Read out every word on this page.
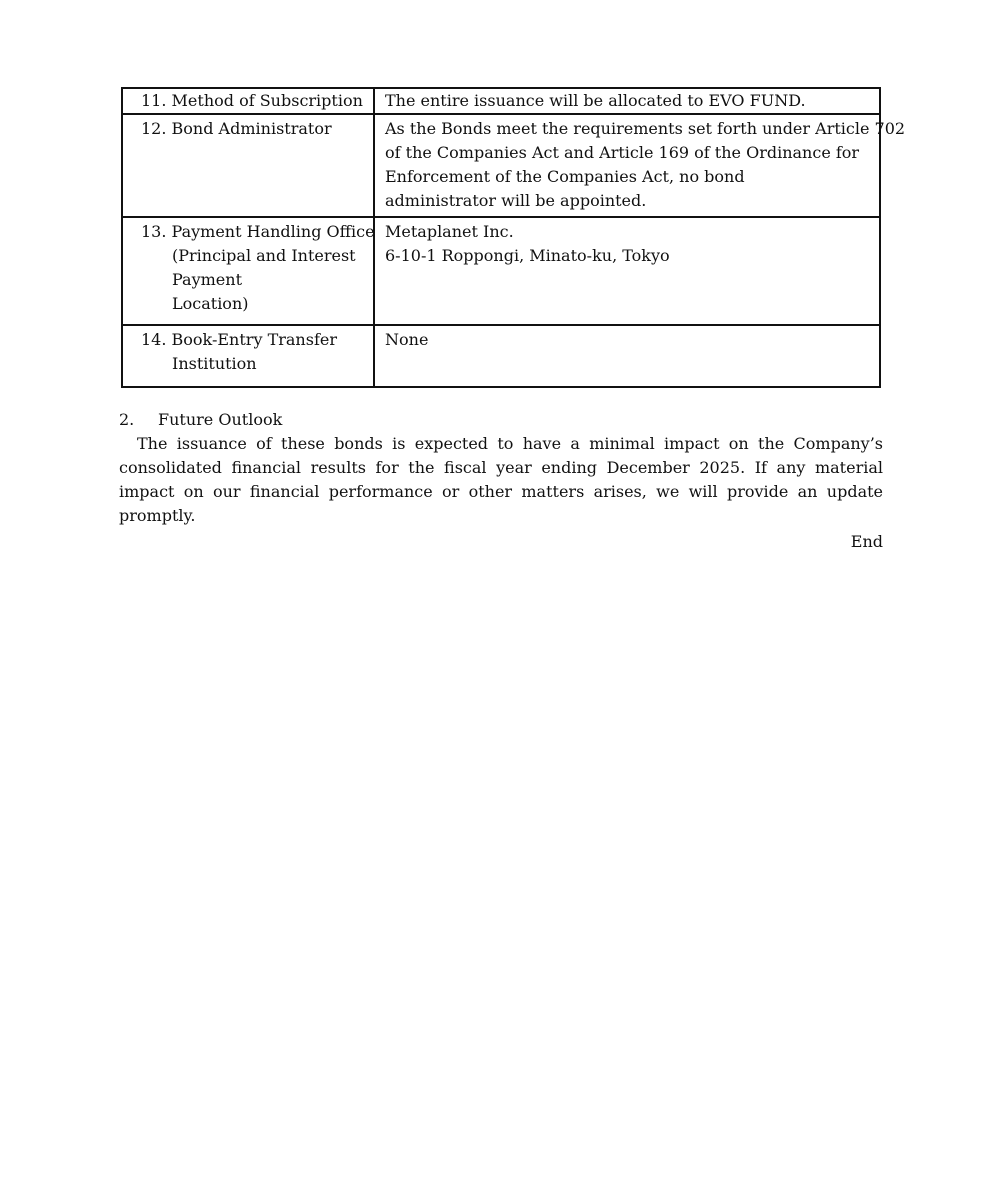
11. Method of Subscription	The entire issuance will be allocated to EVO FUND.

12. Bond Administrator	As the Bonds meet the requirements set forth under Article 702
of the Companies Act and Article 169 of the Ordinance for
Enforcement of the Companies Act, no bond
administrator will be appointed.

13. Payment Handling Office
(Principal and Interest
Payment
Location)	Metaplanet Inc.
6-10-1 Roppongi, Minato-ku, Tokyo

14. Book-Entry Transfer
Institution	None
2. Future Outlook

The issuance of these bonds is expected to have a minimal impact on the Company’s consolidated financial results for the fiscal year ending December 2025. If any material impact on our financial performance or other matters arises, we will provide an update promptly.

End
